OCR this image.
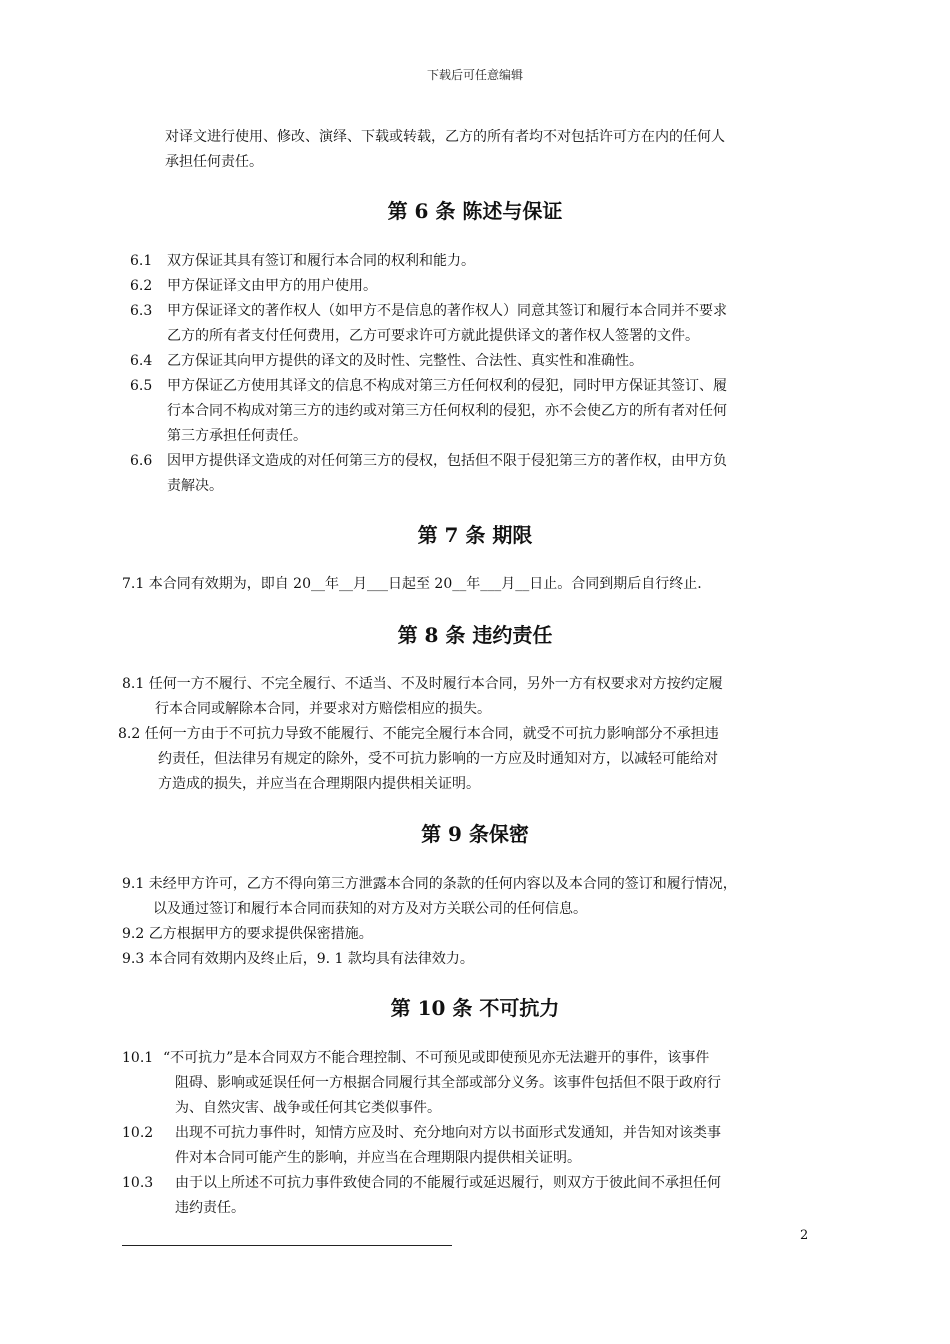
下载后可任意编辑
对译文进行使用、修改、演绎、下载或转载，乙方的所有者均不对包括许可方在内的任何人
承担任何责任。
第 6 条 陈述与保证
6.1 双方保证其具有签订和履行本合同的权利和能力。
6.2 甲方保证译文由甲方的用户使用。
6.3 甲方保证译文的著作权人（如甲方不是信息的著作权人）同意其签订和履行本合同并不要求
乙方的所有者支付任何费用，乙方可要求许可方就此提供译文的著作权人签署的文件。
6.4 乙方保证其向甲方提供的译文的及时性、完整性、合法性、真实性和准确性。
6.5 甲方保证乙方使用其译文的信息不构成对第三方任何权利的侵犯，同时甲方保证其签订、履
行本合同不构成对第三方的违约或对第三方任何权利的侵犯，亦不会使乙方的所有者对任何
第三方承担任何责任。
6.6 因甲方提供译文造成的对任何第三方的侵权，包括但不限于侵犯第三方的著作权，由甲方负
责解决。
第 7 条 期限
7.1 本合同有效期为，即自 20__年__月___日起至 20__年___月__日止。合同到期后自行终止.
第 8 条 违约责任
8.1 任何一方不履行、不完全履行、不适当、不及时履行本合同，另外一方有权要求对方按约定履
行本合同或解除本合同，并要求对方赔偿相应的损失。
8.2 任何一方由于不可抗力导致不能履行、不能完全履行本合同，就受不可抗力影响部分不承担违
约责任，但法律另有规定的除外，受不可抗力影响的一方应及时通知对方，以减轻可能给对
方造成的损失，并应当在合理期限内提供相关证明。
第 9 条保密
9.1 未经甲方许可，乙方不得向第三方泄露本合同的条款的任何内容以及本合同的签订和履行情况，
以及通过签订和履行本合同而获知的对方及对方关联公司的任何信息。
9.2 乙方根据甲方的要求提供保密措施。
9.3 本合同有效期内及终止后，9. 1 款均具有法律效力。
第 10 条 不可抗力
10.1 “不可抗力”是本合同双方不能合理控制、不可预见或即使预见亦无法避开的事件，该事件
阻碍、影响或延误任何一方根据合同履行其全部或部分义务。该事件包括但不限于政府行
为、自然灾害、战争或任何其它类似事件。
10.2 出现不可抗力事件时，知情方应及时、充分地向对方以书面形式发通知，并告知对该类事
件对本合同可能产生的影响，并应当在合理期限内提供相关证明。
10.3 由于以上所述不可抗力事件致使合同的不能履行或延迟履行，则双方于彼此间不承担任何
违约责任。
2
